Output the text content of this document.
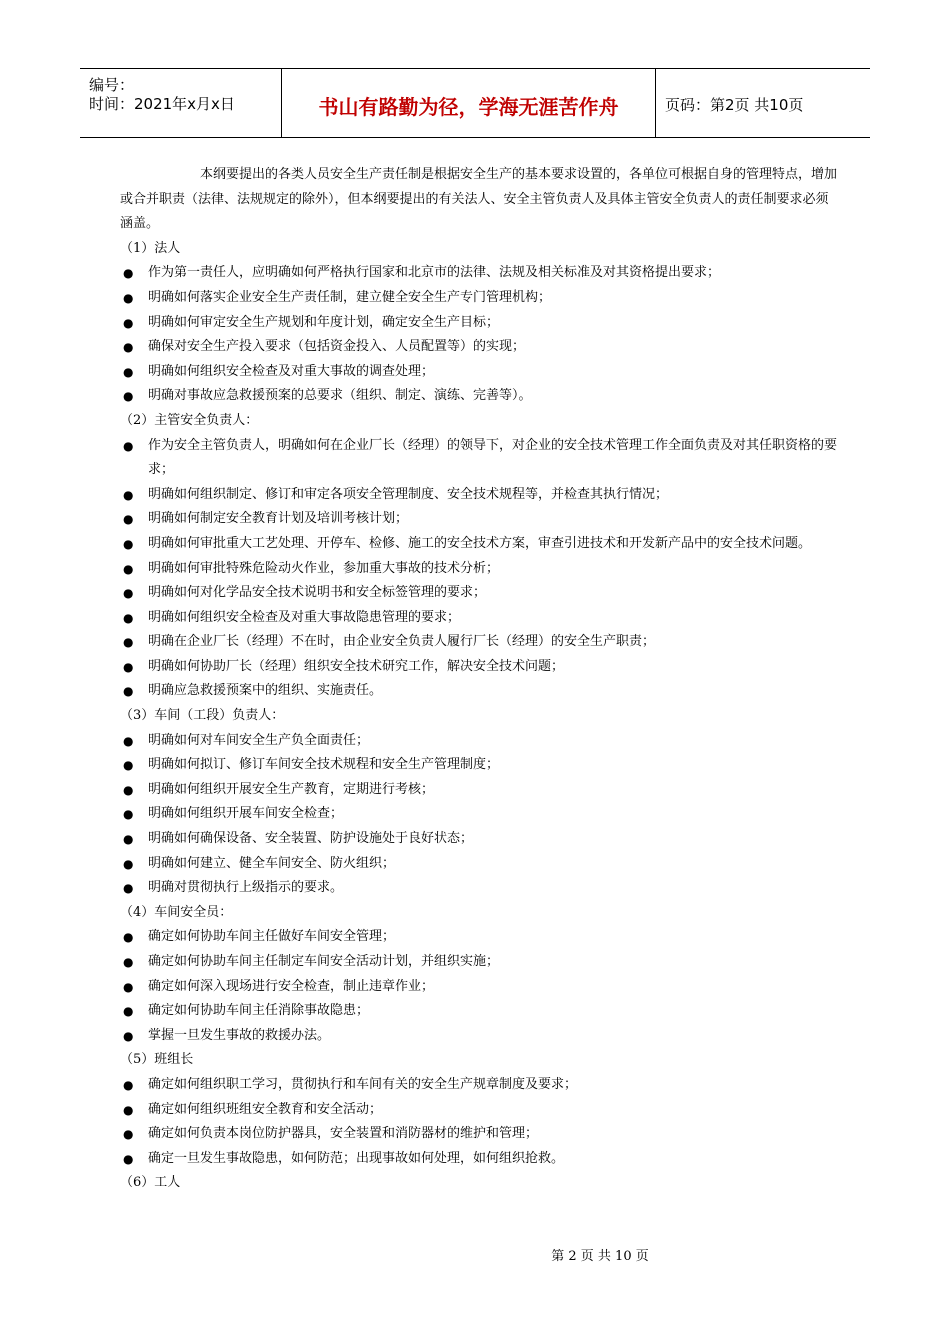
编号：
时间：2021年x月x日	书山有路勤为径，学海无涯苦作舟	页码：第2页 共10页

本纲要提出的各类人员安全生产责任制是根据安全生产的基本要求设置的，各单位可根据自身的管理特点，增加或合并职责（法律、法规规定的除外），但本纲要提出的有关法人、安全主管负责人及具体主管安全负责人的责任制要求必须涵盖。

（1）法人

● 作为第一责任人，应明确如何严格执行国家和北京市的法律、法规及相关标准及对其资格提出要求；
● 明确如何落实企业安全生产责任制，建立健全安全生产专门管理机构；
● 明确如何审定安全生产规划和年度计划，确定安全生产目标；
● 确保对安全生产投入要求（包括资金投入、人员配置等）的实现；
● 明确如何组织安全检查及对重大事故的调查处理；
● 明确对事故应急救援预案的总要求（组织、制定、演练、完善等）。

（2）主管安全负责人：

● 作为安全主管负责人，明确如何在企业厂长（经理）的领导下，对企业的安全技术管理工作全面负责及对其任职资格的要求；
● 明确如何组织制定、修订和审定各项安全管理制度、安全技术规程等，并检查其执行情况；
● 明确如何制定安全教育计划及培训考核计划；
● 明确如何审批重大工艺处理、开停车、检修、施工的安全技术方案，审查引进技术和开发新产品中的安全技术问题。
● 明确如何审批特殊危险动火作业，参加重大事故的技术分析；
● 明确如何对化学品安全技术说明书和安全标签管理的要求；
● 明确如何组织安全检查及对重大事故隐患管理的要求；
● 明确在企业厂长（经理）不在时，由企业安全负责人履行厂长（经理）的安全生产职责；
● 明确如何协助厂长（经理）组织安全技术研究工作，解决安全技术问题；
● 明确应急救援预案中的组织、实施责任。

（3）车间（工段）负责人：

● 明确如何对车间安全生产负全面责任；
● 明确如何拟订、修订车间安全技术规程和安全生产管理制度；
● 明确如何组织开展安全生产教育，定期进行考核；
● 明确如何组织开展车间安全检查；
● 明确如何确保设备、安全装置、防护设施处于良好状态；
● 明确如何建立、健全车间安全、防火组织；
● 明确对贯彻执行上级指示的要求。

（4）车间安全员：

● 确定如何协助车间主任做好车间安全管理；
● 确定如何协助车间主任制定车间安全活动计划，并组织实施；
● 确定如何深入现场进行安全检查，制止违章作业；
● 确定如何协助车间主任消除事故隐患；
● 掌握一旦发生事故的救援办法。

（5）班组长

● 确定如何组织职工学习，贯彻执行和车间有关的安全生产规章制度及要求；
● 确定如何组织班组安全教育和安全活动；
● 确定如何负责本岗位防护器具，安全装置和消防器材的维护和管理；
● 确定一旦发生事故隐患，如何防范；出现事故如何处理，如何组织抢救。

（6）工人

第 2 页 共 10 页
